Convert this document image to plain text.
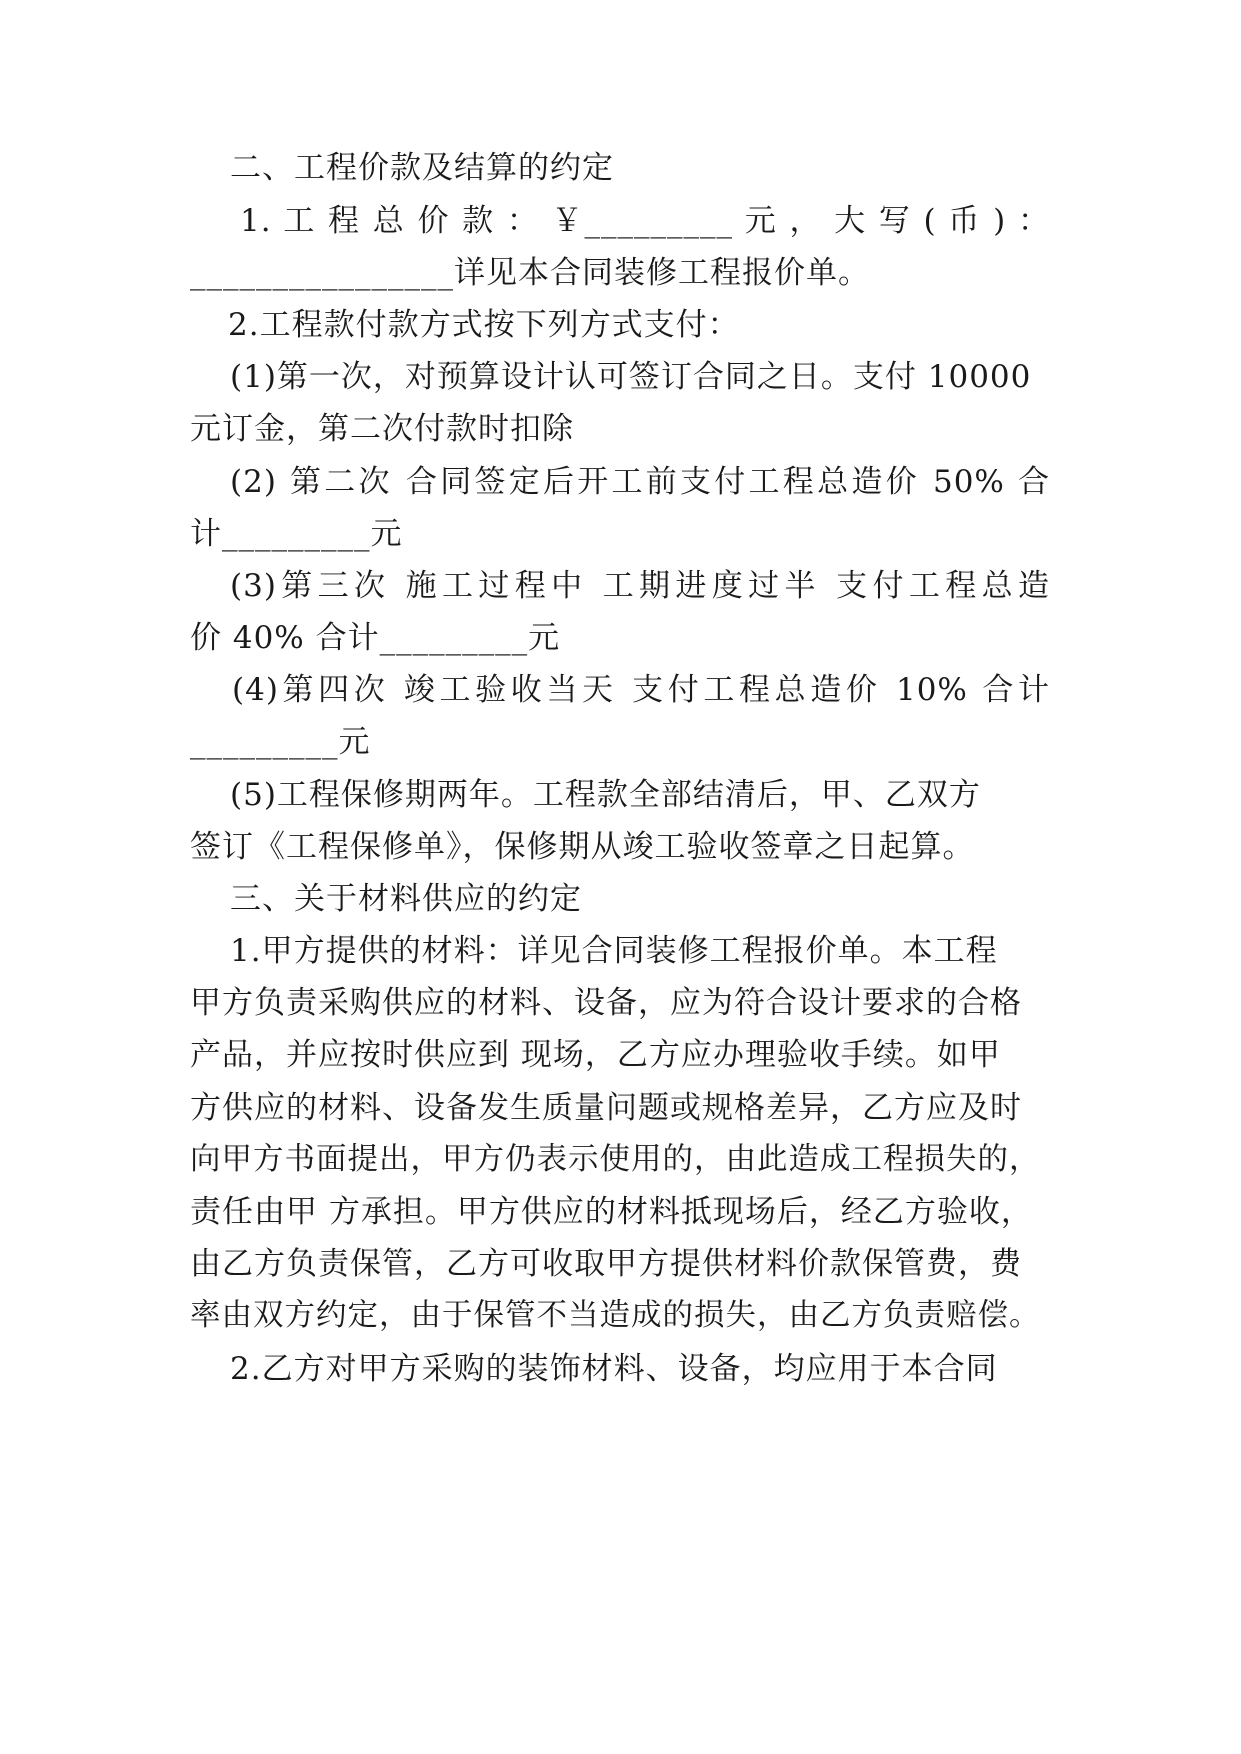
二、工程价款及结算的约定
1. 工 程 总 价 款 ： ￥_________ 元 ， 大 写 ( 币 ) ：
________________详见本合同装修工程报价单。
2.工程款付款方式按下列方式支付：
(1)第一次，对预算设计认可签订合同之日。支付 10000
元订金，第二次付款时扣除
(2) 第二次 合同签定后开工前支付工程总造价 50% 合
计_________元
(3)第三次 施工过程中 工期进度过半 支付工程总造
价 40% 合计_________元
(4)第四次 竣工验收当天 支付工程总造价 10% 合计
_________元
(5)工程保修期两年。工程款全部结清后，甲、乙双方
签订《工程保修单》，保修期从竣工验收签章之日起算。
三、关于材料供应的约定
1.甲方提供的材料：详见合同装修工程报价单。本工程
甲方负责采购供应的材料、设备，应为符合设计要求的合格
产品，并应按时供应到 现场，乙方应办理验收手续。如甲
方供应的材料、设备发生质量问题或规格差异，乙方应及时
向甲方书面提出，甲方仍表示使用的，由此造成工程损失的，
责任由甲 方承担。甲方供应的材料抵现场后，经乙方验收，
由乙方负责保管，乙方可收取甲方提供材料价款保管费，费
率由双方约定，由于保管不当造成的损失，由乙方负责赔偿。
2.乙方对甲方采购的装饰材料、设备，均应用于本合同
